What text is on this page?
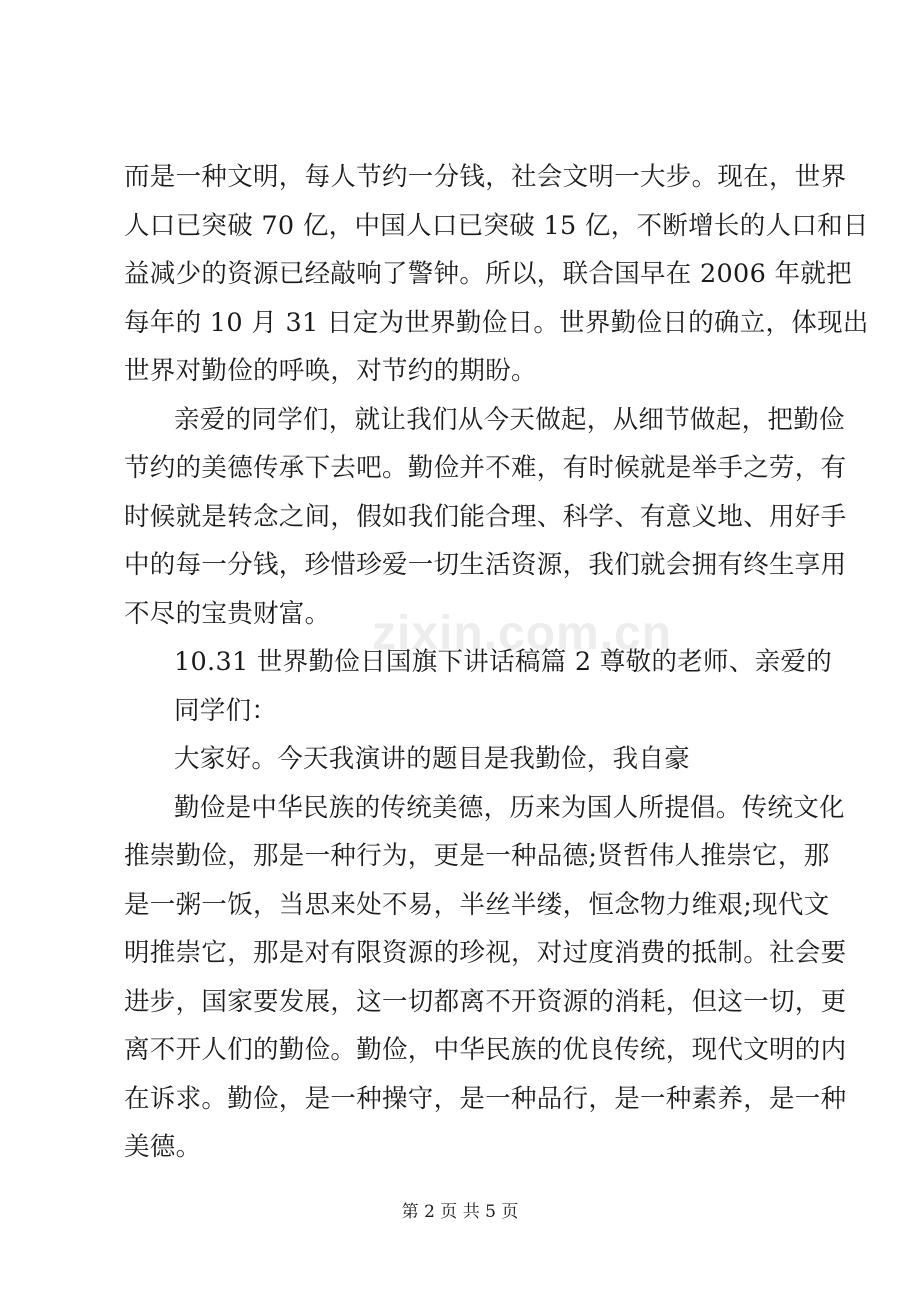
而是一种文明，每人节约一分钱，社会文明一大步。现在，世界
人口已突破 70 亿，中国人口已突破 15 亿，不断增长的人口和日
益减少的资源已经敲响了警钟。所以，联合国早在 2006 年就把
每年的 10 月 31 日定为世界勤俭日。世界勤俭日的确立，体现出
世界对勤俭的呼唤，对节约的期盼。
亲爱的同学们，就让我们从今天做起，从细节做起，把勤俭
节约的美德传承下去吧。勤俭并不难，有时候就是举手之劳，有
时候就是转念之间，假如我们能合理、科学、有意义地、用好手
中的每一分钱，珍惜珍爱一切生活资源，我们就会拥有终生享用
不尽的宝贵财富。
10.31 世界勤俭日国旗下讲话稿篇 2 尊敬的老师、亲爱的
同学们：
大家好。今天我演讲的题目是我勤俭，我自豪
勤俭是中华民族的传统美德，历来为国人所提倡。传统文化
推崇勤俭，那是一种行为，更是一种品德;贤哲伟人推崇它，那
是一粥一饭，当思来处不易，半丝半缕，恒念物力维艰;现代文
明推崇它，那是对有限资源的珍视，对过度消费的抵制。社会要
进步，国家要发展，这一切都离不开资源的消耗，但这一切，更
离不开人们的勤俭。勤俭，中华民族的优良传统，现代文明的内
在诉求。勤俭，是一种操守，是一种品行，是一种素养，是一种
美德。
zixin.com.cn
第 2 页 共 5 页
